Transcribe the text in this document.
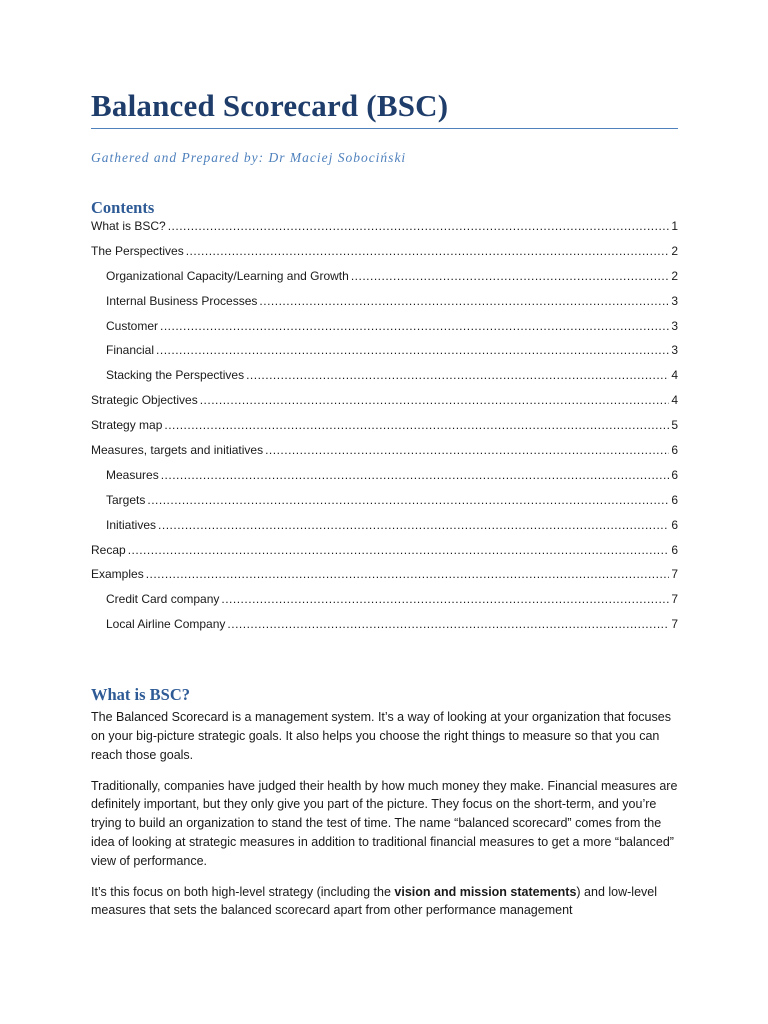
Balanced Scorecard (BSC)
Gathered and Prepared by: Dr Maciej Sobociński
Contents
What is BSC? .....	1
The Perspectives .....	2
Organizational Capacity/Learning and Growth .....	2
Internal Business Processes .....	3
Customer .....	3
Financial .....	3
Stacking the Perspectives .....	4
Strategic Objectives .....	4
Strategy map .....	5
Measures, targets and initiatives .....	6
Measures .....	6
Targets .....	6
Initiatives .....	6
Recap .....	6
Examples .....	7
Credit Card company .....	7
Local Airline Company .....	7
What is BSC?

The Balanced Scorecard is a management system. It’s a way of looking at your organization that focuses on your big-picture strategic goals. It also helps you choose the right things to measure so that you can reach those goals.

Traditionally, companies have judged their health by how much money they make. Financial measures are definitely important, but they only give you part of the picture. They focus on the short-term, and you’re trying to build an organization to stand the test of time. The name “balanced scorecard” comes from the idea of looking at strategic measures in addition to traditional financial measures to get a more “balanced” view of performance.

It’s this focus on both high-level strategy (including the vision and mission statements) and low-level measures that sets the balanced scorecard apart from other performance management
